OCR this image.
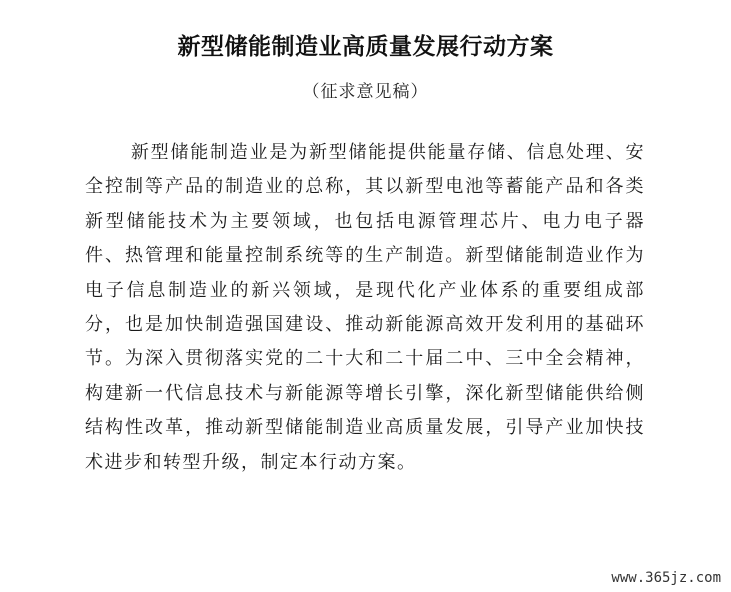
新型储能制造业高质量发展行动方案
（征求意见稿）

新型储能制造业是为新型储能提供能量存储、信息处理、安全控制等产品的制造业的总称，其以新型电池等蓄能产品和各类新型储能技术为主要领域，也包括电源管理芯片、电力电子器件、热管理和能量控制系统等的生产制造。新型储能制造业作为电子信息制造业的新兴领域，是现代化产业体系的重要组成部分，也是加快制造强国建设、推动新能源高效开发利用的基础环节。为深入贯彻落实党的二十大和二十届二中、三中全会精神，构建新一代信息技术与新能源等增长引擎，深化新型储能供给侧结构性改革，推动新型储能制造业高质量发展，引导产业加快技术进步和转型升级，制定本行动方案。

www.365jz.com
